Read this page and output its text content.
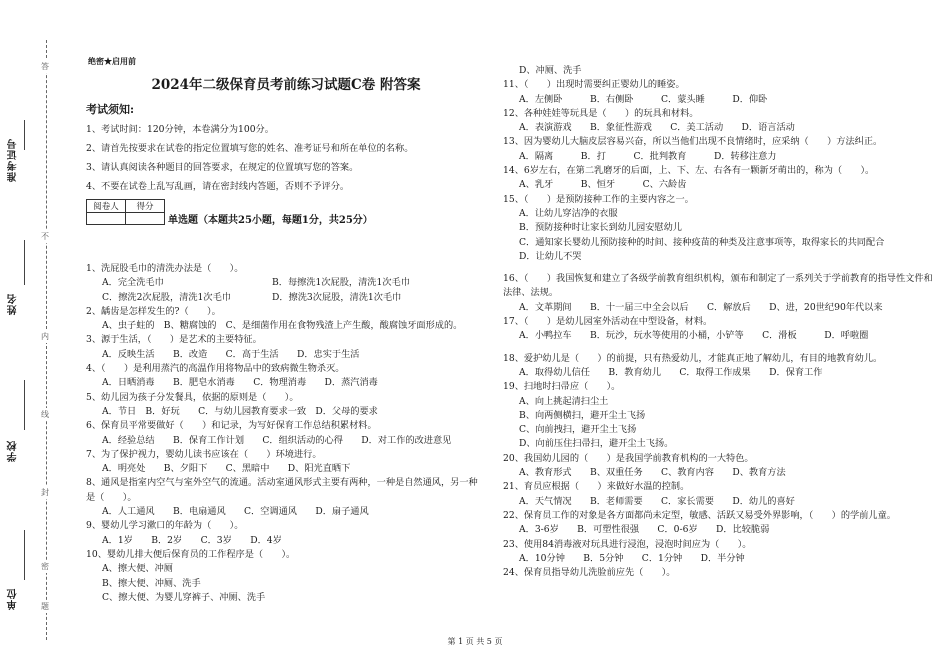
准考证号
姓名
学校
单位
答
不
内
线
封
密
题
绝密★启用前
2024年二级保育员考前练习试题C卷 附答案
考试须知:
1、考试时间：120分钟，本卷满分为100分。
2、请首先按要求在试卷的指定位置填写您的姓名、准考证号和所在单位的名称。
3、请认真阅读各种题目的回答要求，在规定的位置填写您的答案。
4、不要在试卷上乱写乱画，请在密封线内答题，否则不予评分。
阅卷人	得分

单选题（本题共25小题，每题1分，共25分）
1、洗屁股毛巾的清洗办法是（　　）。
A．完全洗毛巾	B．每擦洗1次屁股，清洗1次毛巾
C．擦洗2次屁股，清洗1次毛巾	D．擦洗3次屁股，清洗1次毛巾
2、龋齿是怎样发生的?（　　）。
A、虫子蛀的　B、糖腐蚀的　C、是细菌作用在食物残渣上产生酸，酸腐蚀牙面形成的。
3、源于生活，（　　）是艺术的主要特征。
A．反映生活　　B．改造　　C．高于生活　　D．忠实于生活
4、（　　）是利用蒸汽的高温作用将物品中的致病微生物杀灭。
A．日晒消毒　　B．肥皂水消毒　　C．物理消毒　　D．蒸汽消毒
5、幼儿园为孩子分发餐具，依据的原则是（　　）。
A．节日　B．好玩　　C．与幼儿园教育要求一致　D．父母的要求
6、保育员平常要做好（　　）和记录，为写好保育工作总结积累材料。
A．经验总结　　B．保育工作计划　　C．组织活动的心得　　D．对工作的改进意见
7、为了保护视力，婴幼儿读书应该在（　　）环境进行。
A．明亮处　　B、夕阳下　　C、黑暗中　　D、阳光直晒下
8、通风是指室内空气与室外空气的流通。活动室通风形式主要有两种，一种是自然通风，另一种是（　　）。
A．人工通风　　B．电扇通风　　C．空调通风　　D．扇子通风
9、婴幼儿学习漱口的年龄为（　　）。
A．1岁　　B．2岁　　C．3岁　　D．4岁
10、婴幼儿排大便后保育员的工作程序是（　　）。
A、擦大便、冲厕
B、擦大便、冲厕、洗手
C、擦大便、为婴儿穿裤子、冲厕、洗手
D、冲厕、洗手
11、（　　）出现时需要纠正婴幼儿的睡姿。
A．左侧卧　　　B．右侧卧　　　C．蒙头睡　　　D．仰卧
12、各种娃娃等玩具是（　　）的玩具和材料。
A．表演游戏　　B．象征性游戏　　C．美工活动　　D．语言活动
13、因为婴幼儿大脑皮层容易兴奋，所以当他们出现不良情绪时，应采纳（　　）方法纠正。
A．隔离　　　B．打　　　C．批判教育　　　D．转移注意力
14、6岁左右，在第二乳磨牙的后面，上、下、左、右各有一颗新牙萌出的，称为（　　）。
A、乳牙　　　B、恒牙　　　C、六龄齿
15、（　　）是预防接种工作的主要内容之一。
A．让幼儿穿洁净的衣服
B．预防接种时让家长到幼儿园安慰幼儿
C．通知家长婴幼儿预防接种的时间、接种疫苗的种类及注意事项等，取得家长的共同配合
D．让幼儿不哭
16、（　　）我国恢复和建立了各级学前教育组织机构，颁布和制定了一系列关于学前教育的指导性文件和法律、法规。
A．文革期间　　B．十一届三中全会以后　　C．解放后　　D、进，20世纪90年代以来
17、（　　）是幼儿园室外活动在中型设备，材料。
A．小鸭拉车　　B．玩沙，玩水等使用的小桶，小铲等　　C．滑板　　　D．呼啦圈
18、爱护幼儿是（　　）的前提，只有热爱幼儿，才能真正地了解幼儿，有目的地教育幼儿。
A．取得幼儿信任　　B．教育幼儿　　C．取得工作成果　　D．保育工作
19、扫地时扫帚应（　　）。
A、向上挑起清扫尘土
B、向两侧横扫，避开尘土飞扬
C、向前拽扫，避开尘土飞扬
D、向前压住扫帚扫，避开尘土飞扬。
20、我国幼儿园的（　　）是我国学前教育机构的一大特色。
A、教育形式　　B、双重任务　　C、教育内容　　D、教育方法
21、育员应根据（　　）来做好水温的控制。
A．天气情况　　B．老师需要　　C．家长需要　　D．幼儿的喜好
22、保育员工作的对象是各方面都尚未定型，敏感、活跃又易受外界影响，（　　）的学前儿童。
A．3-6岁　　B．可塑性很强　　C．0-6岁　　D．比较脆弱
23、使用84消毒液对玩具进行浸泡，浸泡时间应为（　　）。
A．10分钟　　B．5分钟　　C．1分钟　　D．半分钟
24、保育员指导幼儿洗脸前应先（　　）。
第 1 页 共 5 页
